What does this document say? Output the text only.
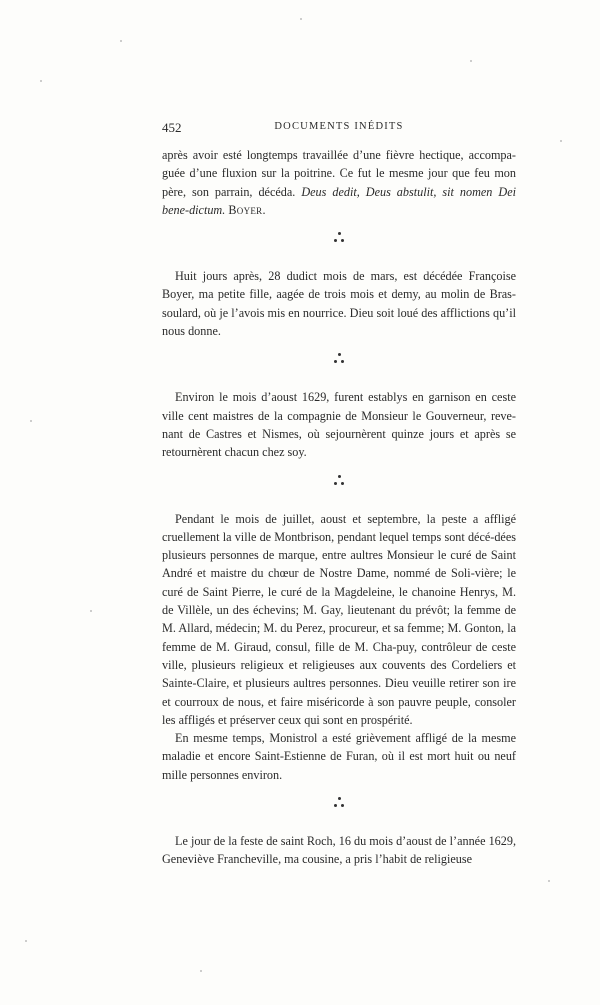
452	DOCUMENTS INÉDITS

après avoir esté longtemps travaillée d’une fièvre hectique, accompa-guée d’une fluxion sur la poitrine. Ce fut le mesme jour que feu mon père, son parrain, décéda. Deus dedit, Deus abstulit, sit nomen Dei bene-dictum. Boyer.

Huit jours après, 28 dudict mois de mars, est décédée Françoise Boyer, ma petite fille, aagée de trois mois et demy, au molin de Bras-soulard, où je l’avois mis en nourrice. Dieu soit loué des afflictions qu’il nous donne.

Environ le mois d’aoust 1629, furent establys en garnison en ceste ville cent maistres de la compagnie de Monsieur le Gouverneur, reve-nant de Castres et Nismes, où sejournèrent quinze jours et après se retournèrent chacun chez soy.

Pendant le mois de juillet, aoust et septembre, la peste a affligé cruellement la ville de Montbrison, pendant lequel temps sont décé-dées plusieurs personnes de marque, entre aultres Monsieur le curé de Saint André et maistre du chœur de Nostre Dame, nommé de Soli-vière; le curé de Saint Pierre, le curé de la Magdeleine, le chanoine Henrys, M. de Villèle, un des échevins; M. Gay, lieutenant du prévôt; la femme de M. Allard, médecin; M. du Perez, procureur, et sa femme; M. Gonton, la femme de M. Giraud, consul, fille de M. Cha-puy, contrôleur de ceste ville, plusieurs religieux et religieuses aux couvents des Cordeliers et Sainte-Claire, et plusieurs aultres personnes. Dieu veuille retirer son ire et courroux de nous, et faire miséricorde à son pauvre peuple, consoler les affligés et préserver ceux qui sont en prospérité.

En mesme temps, Monistrol a esté grièvement affligé de la mesme maladie et encore Saint-Estienne de Furan, où il est mort huit ou neuf mille personnes environ.

Le jour de la feste de saint Roch, 16 du mois d’aoust de l’année 1629, Geneviève Francheville, ma cousine, a pris l’habit de religieuse
